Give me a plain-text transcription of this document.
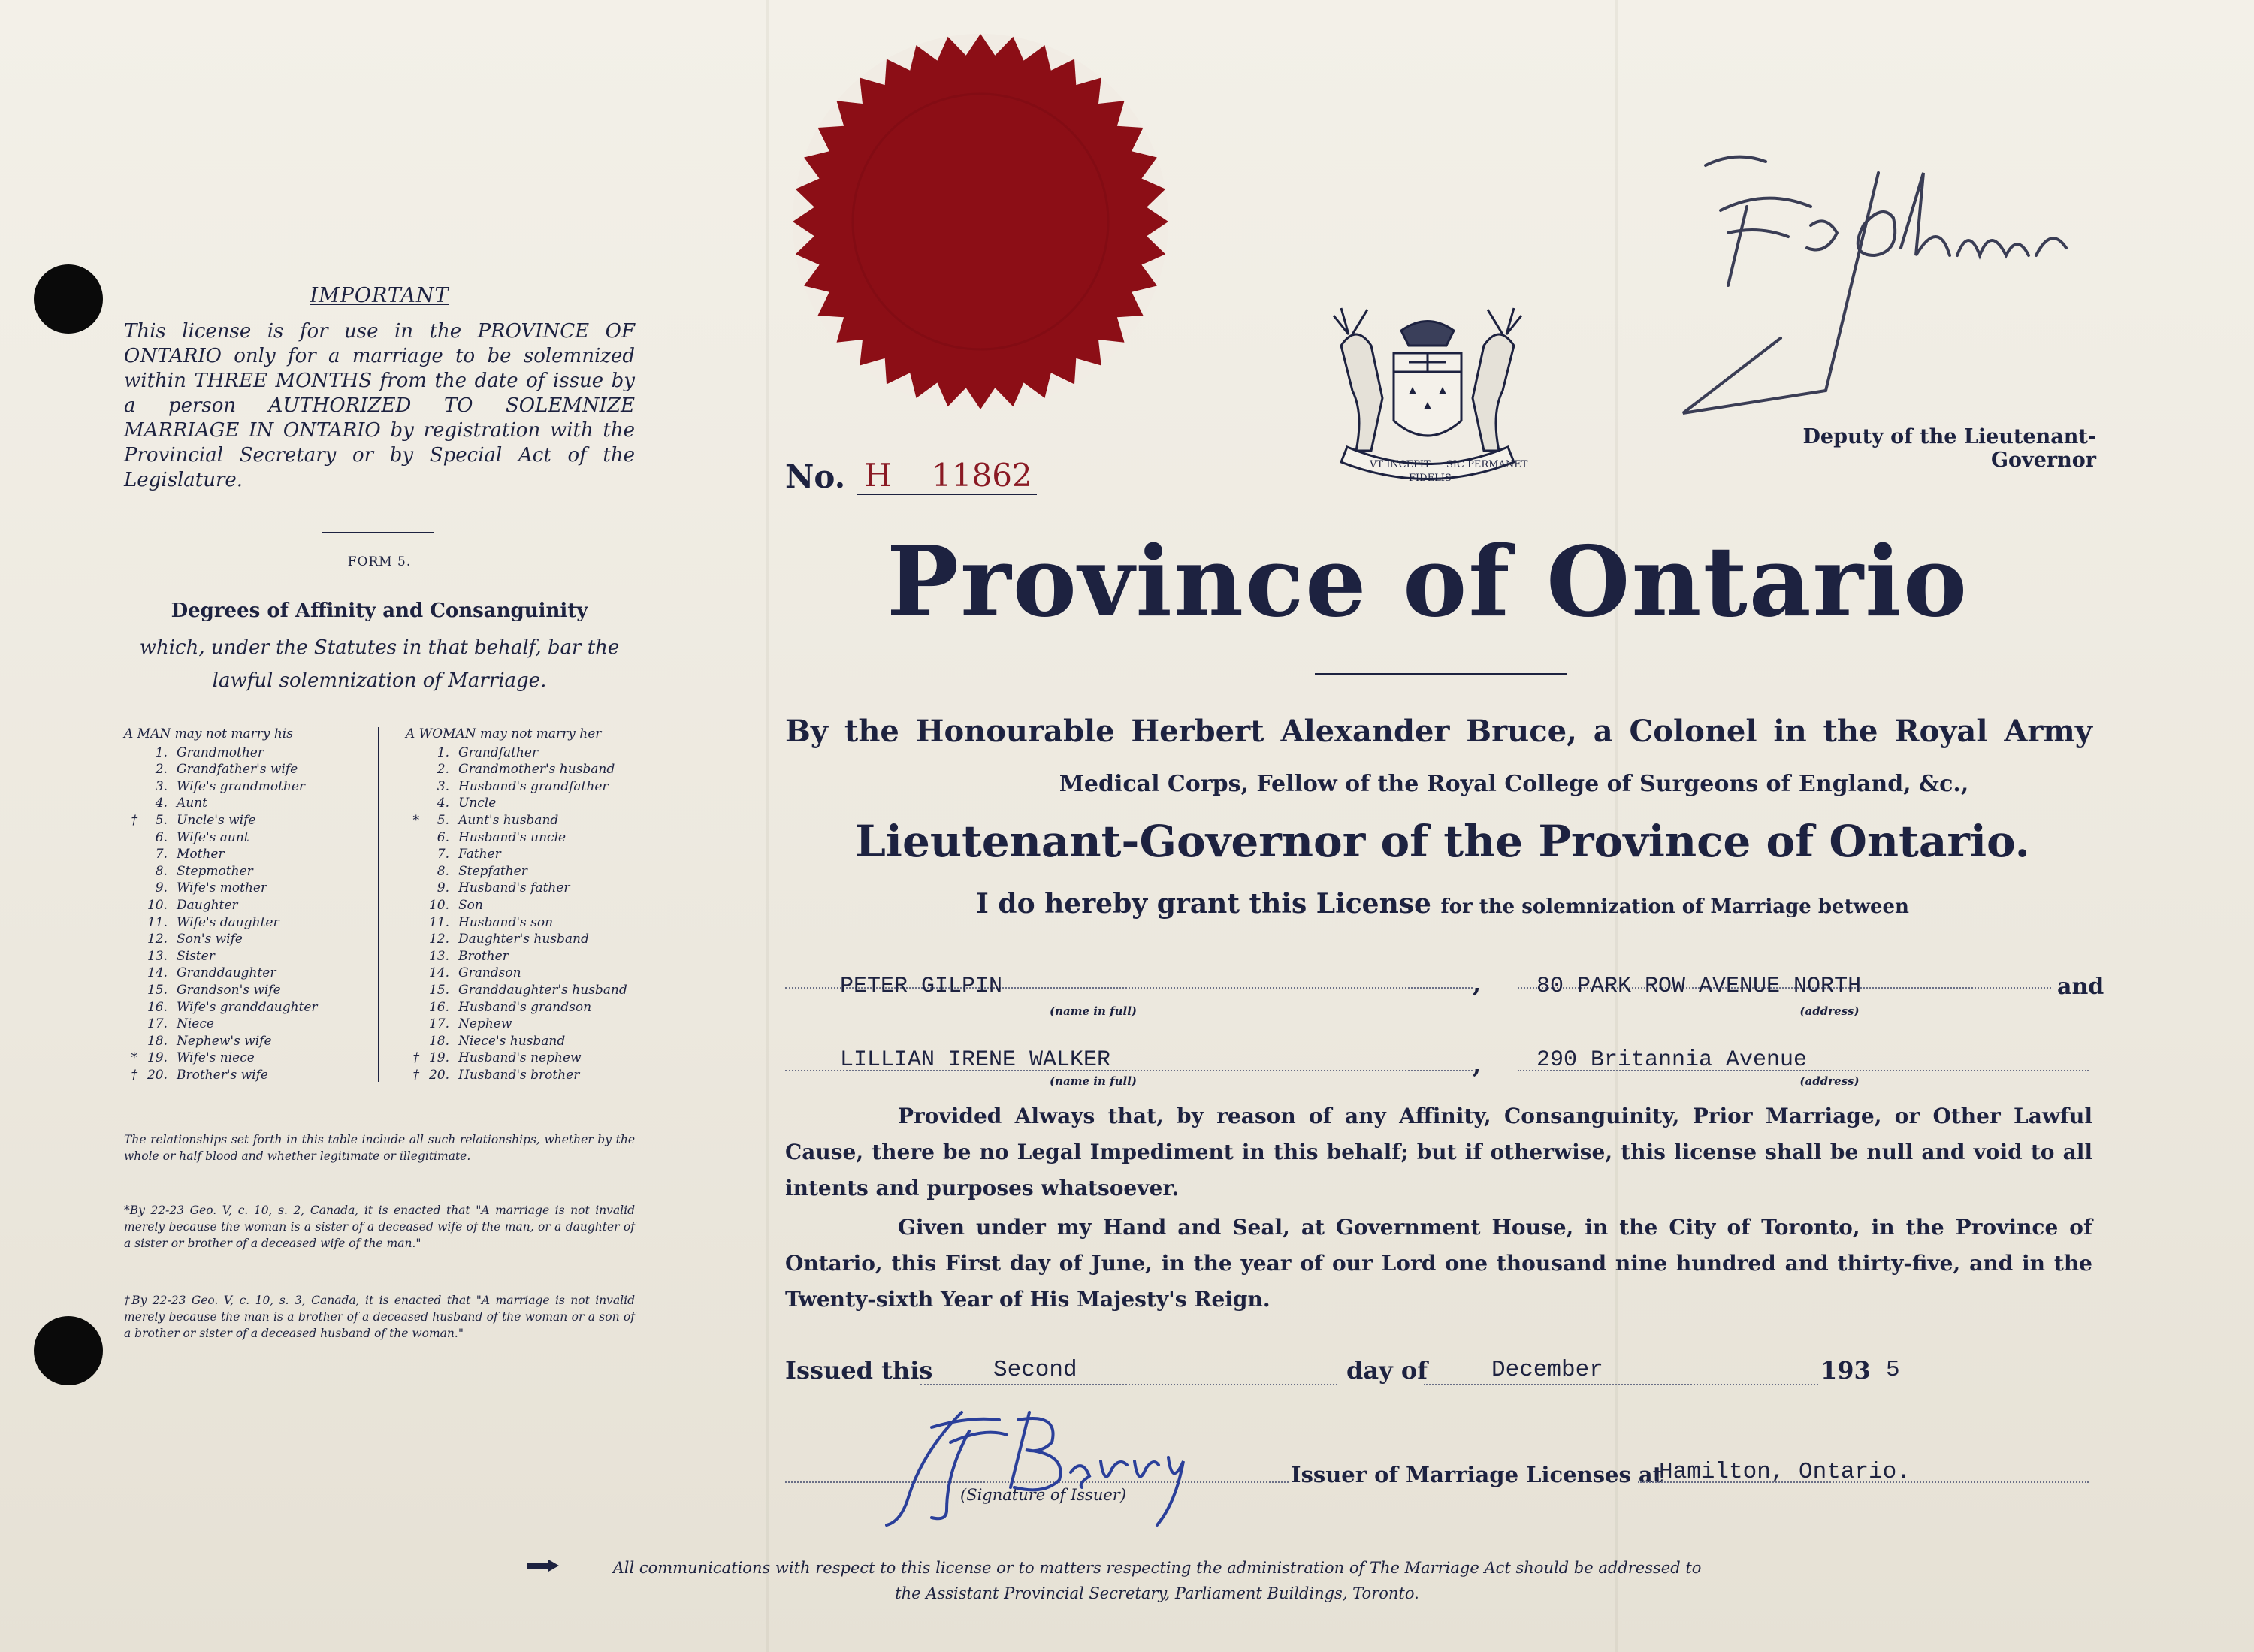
IMPORTANT
This license is for use in the PROVINCE OF ONTARIO only for a marriage to be solemnized within THREE MONTHS from the date of issue by a person AUTHORIZED TO SOLEMNIZE MARRIAGE IN ONTARIO by registration with the Provincial Secretary or by Special Act of the Legislature.
FORM 5.
Degrees of Affinity and Consanguinity
which, under the Statutes in that behalf, bar the lawful solemnization of Marriage.
A MAN may not marry his
1. Grandmother
2. Grandfather's wife
3. Wife's grandmother
4. Aunt
†	5. Uncle's wife
6. Wife's aunt
7. Mother
8. Stepmother
9. Wife's mother
10. Daughter
11. Wife's daughter
12. Son's wife
13. Sister
14. Granddaughter
15. Grandson's wife
16. Wife's granddaughter
17. Niece
18. Nephew's wife
* 19. Wife's niece
† 20. Brother's wife
A WOMAN may not marry her
1. Grandfather
2. Grandmother's husband
3. Husband's grandfather
4. Uncle
*	5. Aunt's husband
6. Husband's uncle
7. Father
8. Stepfather
9. Husband's father
10. Son
11. Husband's son
12. Daughter's husband
13. Brother
14. Grandson
15. Granddaughter's husband
16. Husband's grandson
17. Nephew
18. Niece's husband
† 19. Husband's nephew
† 20. Husband's brother
The relationships set forth in this table include all such relationships, whether by the whole or half blood and whether legitimate or illegitimate.
*By 22-23 Geo. V, c. 10, s. 2, Canada, it is enacted that "A marriage is not invalid merely because the woman is a sister of a deceased wife of the man, or a daughter of a sister or brother of a deceased wife of the man."
†By 22-23 Geo. V, c. 10, s. 3, Canada, it is enacted that "A marriage is not invalid merely because the man is a brother of a deceased husband of the woman or a son of a brother or sister of a deceased husband of the woman."
No. H    11862	VT INCEPIT
FIDELIS
SIC PERMANET
Deputy of the Lieutenant-Governor
Province of Ontario
By the Honourable Herbert Alexander Bruce, a Colonel in the Royal Army
Medical Corps, Fellow of the Royal College of Surgeons of England, &c.,
Lieutenant-Governor of the Province of Ontario.
I do hereby grant this License for the solemnization of Marriage between
PETER GILPIN
(name in full)
, 80 PARK ROW AVENUE NORTH
(address)
and
LILLIAN IRENE WALKER
(name in full)
, 290 Britannia Avenue
(address)
Provided Always that, by reason of any Affinity, Consanguinity, Prior Marriage, or Other Lawful Cause, there be no Legal Impediment in this behalf; but if otherwise, this license shall be null and void to all intents and purposes whatsoever.
Given under my Hand and Seal, at Government House, in the City of Toronto, in the Province of Ontario, this First day of June, in the year of our Lord one thousand nine hundred and thirty-five, and in the Twenty-sixth Year of His Majesty's Reign.
Issued this	Second	day of	December	193 5
(Signature of Issuer)
Issuer of Marriage Licenses at
Hamilton, Ontario.
All communications with respect to this license or to matters respecting the administration of The Marriage Act should be addressed to
the Assistant Provincial Secretary, Parliament Buildings, Toronto.
